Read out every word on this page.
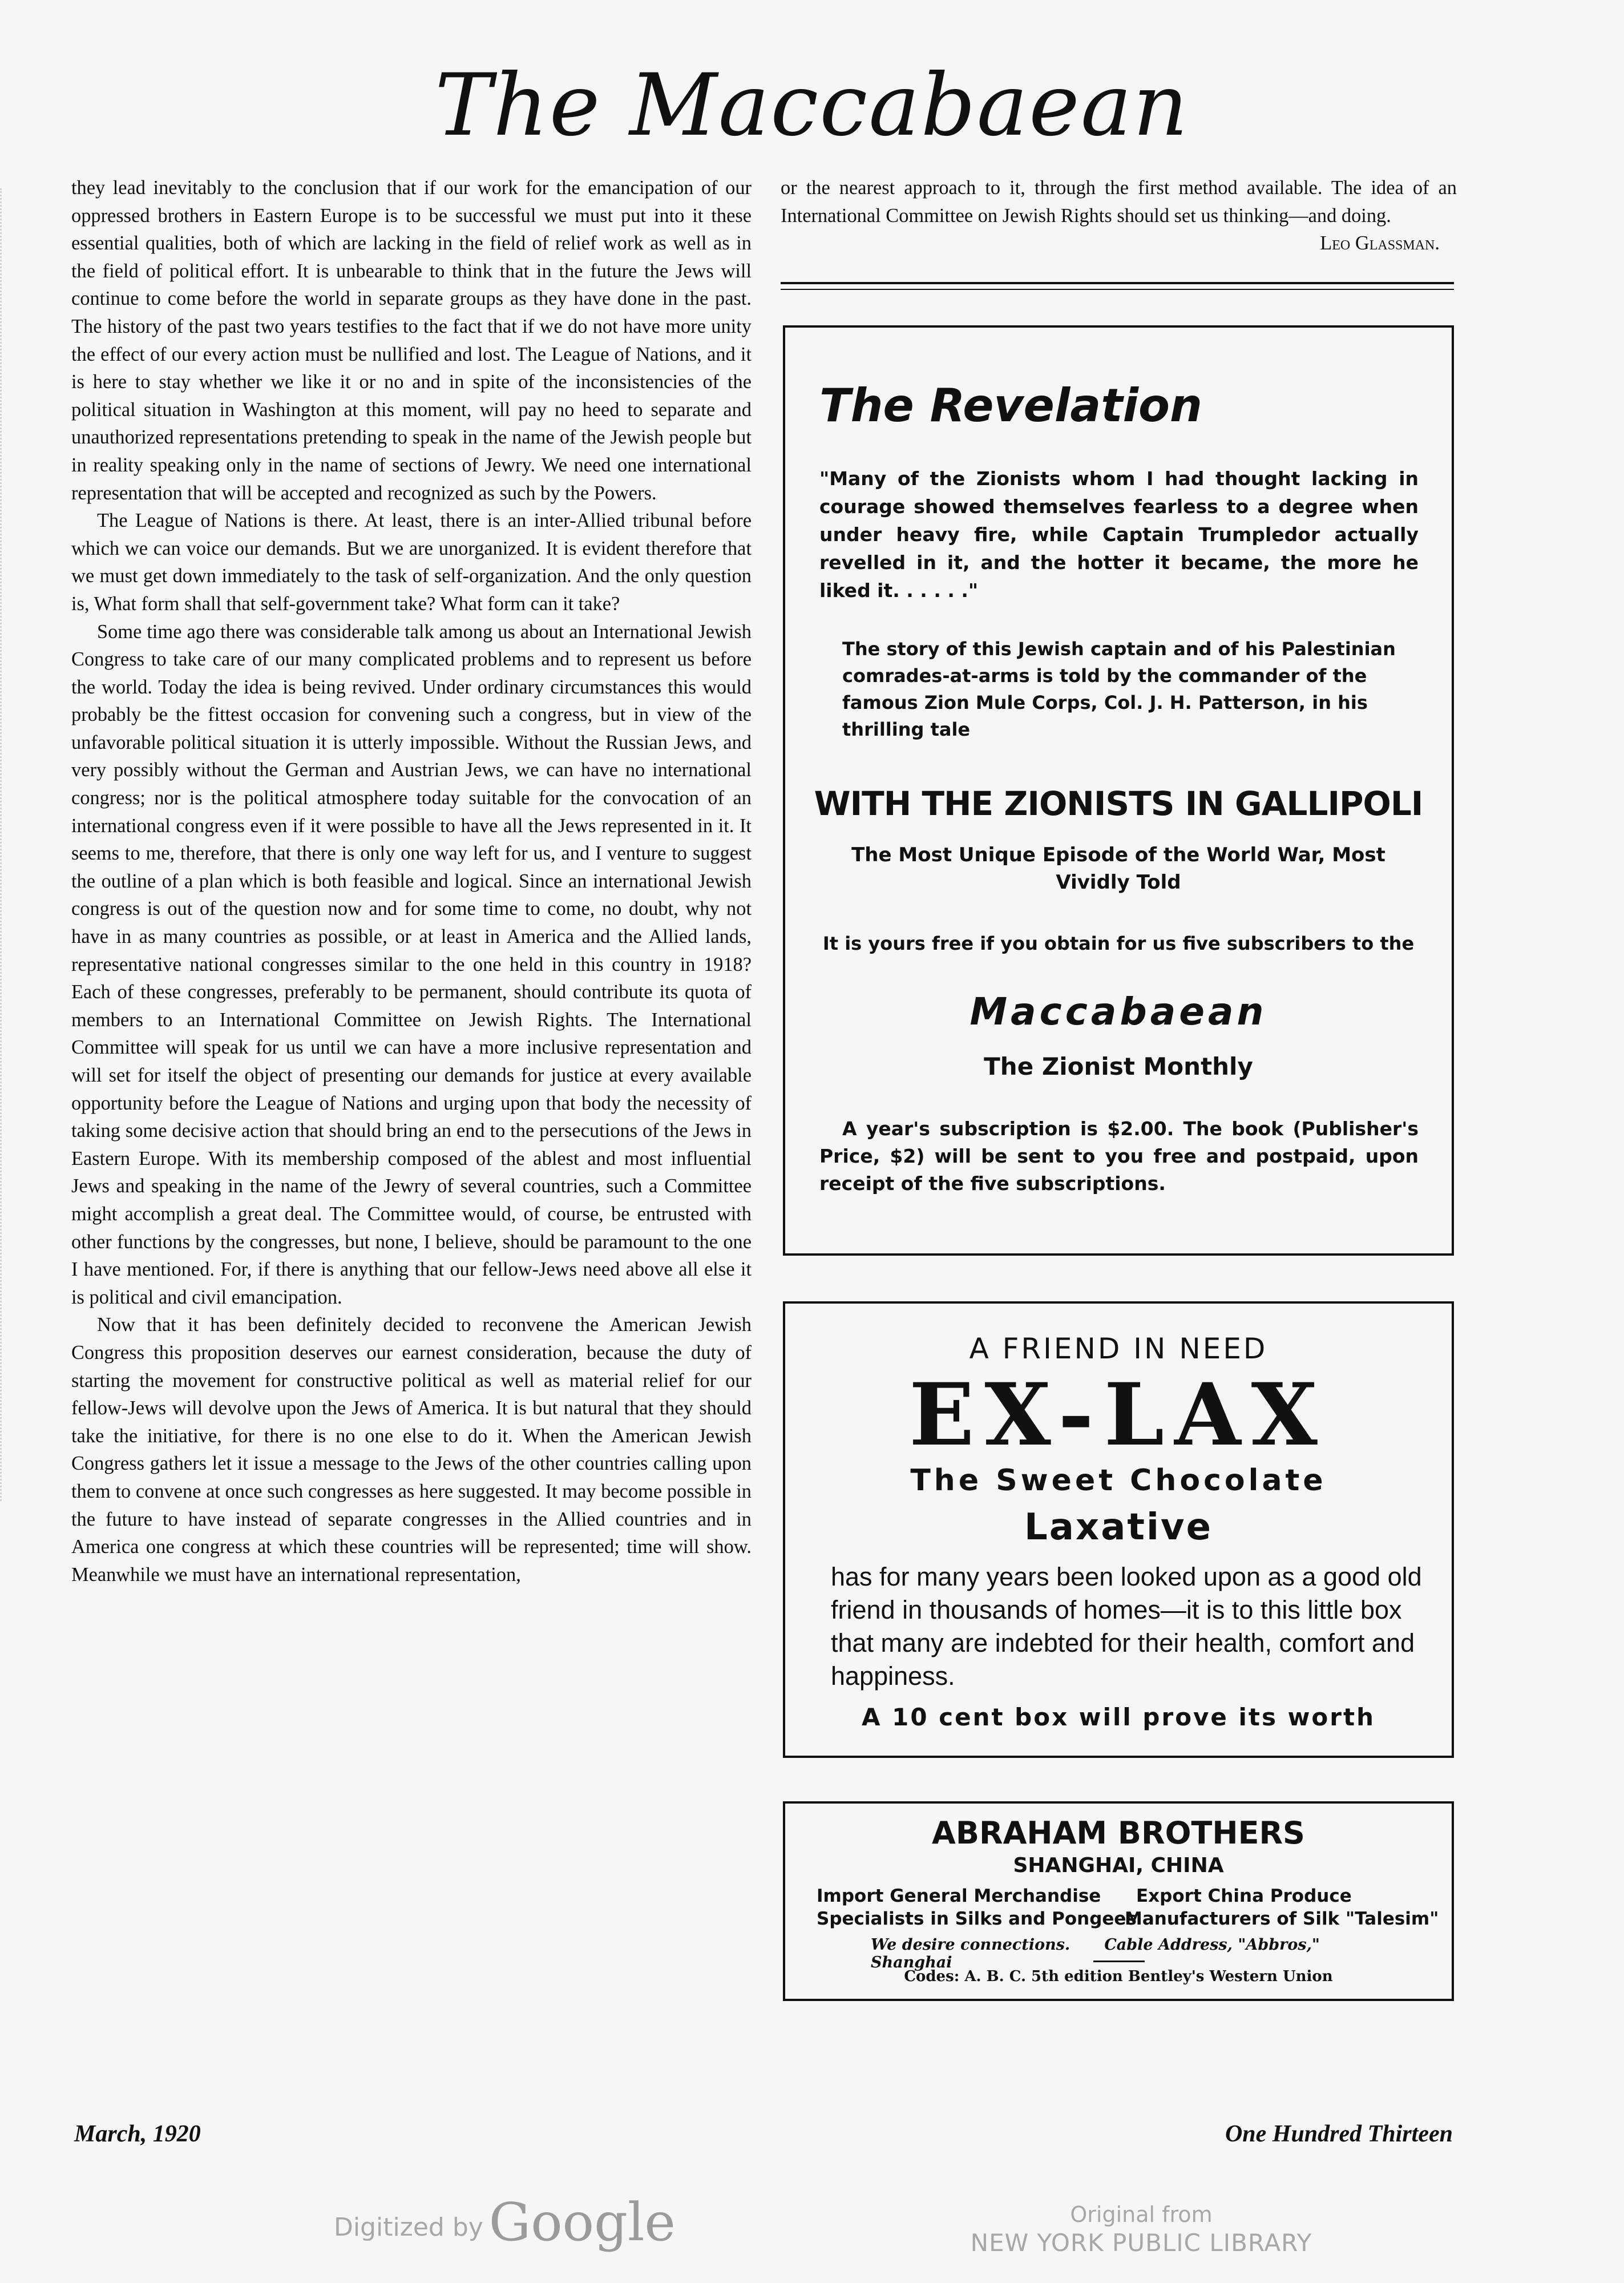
The Maccabaean

they lead inevitably to the conclusion that if our work for the emancipation of our oppressed brothers in Eastern Europe is to be successful we must put into it these essential qualities, both of which are lacking in the field of relief work as well as in the field of political effort. It is unbearable to think that in the future the Jews will continue to come before the world in separate groups as they have done in the past. The history of the past two years testifies to the fact that if we do not have more unity the effect of our every action must be nullified and lost. The League of Nations, and it is here to stay whether we like it or no and in spite of the inconsistencies of the political situation in Washington at this moment, will pay no heed to separate and unauthorized representations pretending to speak in the name of the Jewish people but in reality speaking only in the name of sections of Jewry. We need one international representation that will be accepted and recognized as such by the Powers.

The League of Nations is there. At least, there is an inter-Allied tribunal before which we can voice our demands. But we are unorganized. It is evident therefore that we must get down immediately to the task of self-organization. And the only question is, What form shall that self-government take? What form can it take?

Some time ago there was considerable talk among us about an International Jewish Congress to take care of our many complicated problems and to represent us before the world. Today the idea is being revived. Under ordinary circumstances this would probably be the fittest occasion for convening such a congress, but in view of the unfavorable political situation it is utterly impossible. Without the Russian Jews, and very possibly without the German and Austrian Jews, we can have no international congress; nor is the political atmosphere today suitable for the convocation of an international congress even if it were possible to have all the Jews represented in it. It seems to me, therefore, that there is only one way left for us, and I venture to suggest the outline of a plan which is both feasible and logical. Since an international Jewish congress is out of the question now and for some time to come, no doubt, why not have in as many countries as possible, or at least in America and the Allied lands, representative national congresses similar to the one held in this country in 1918? Each of these congresses, preferably to be permanent, should contribute its quota of members to an International Committee on Jewish Rights. The International Committee will speak for us until we can have a more inclusive representation and will set for itself the object of presenting our demands for justice at every available opportunity before the League of Nations and urging upon that body the necessity of taking some decisive action that should bring an end to the persecutions of the Jews in Eastern Europe. With its membership composed of the ablest and most influential Jews and speaking in the name of the Jewry of several countries, such a Committee might accomplish a great deal. The Committee would, of course, be entrusted with other functions by the congresses, but none, I believe, should be paramount to the one I have mentioned. For, if there is anything that our fellow-Jews need above all else it is political and civil emancipation.

Now that it has been definitely decided to reconvene the American Jewish Congress this proposition deserves our earnest consideration, because the duty of starting the movement for constructive political as well as material relief for our fellow-Jews will devolve upon the Jews of America. It is but natural that they should take the initiative, for there is no one else to do it. When the American Jewish Congress gathers let it issue a message to the Jews of the other countries calling upon them to convene at once such congresses as here suggested. It may become possible in the future to have instead of separate congresses in the Allied countries and in America one congress at which these countries will be represented; time will show. Meanwhile we must have an international representation,

or the nearest approach to it, through the first method available. The idea of an International Committee on Jewish Rights should set us thinking—and doing.
Leo Glassman.
The Revelation
"Many of the Zionists whom I had thought lacking in courage showed themselves fearless to a degree when under heavy fire, while Captain Trumpledor actually revelled in it, and the hotter it became, the more he liked it. . . . . ."
The story of this Jewish captain and of his Palestinian comrades-at-arms is told by the commander of the famous Zion Mule Corps, Col. J. H. Patterson, in his thrilling tale
WITH THE ZIONISTS IN GALLIPOLI
The Most Unique Episode of the World War, Most Vividly Told
It is yours free if you obtain for us five subscribers to the
Maccabaean
The Zionist Monthly
A year's subscription is $2.00. The book (Publisher's Price, $2) will be sent to you free and postpaid, upon receipt of the five subscriptions.
A FRIEND IN NEED
EX-LAX
The Sweet Chocolate
Laxative
has for many years been looked upon as a good old friend in thousands of homes—it is to this little box that many are indebted for their health, comfort and happiness.
A 10 cent box will prove its worth
ABRAHAM BROTHERS
SHANGHAI, CHINA
Import General Merchandise Export China Produce
Specialists in Silks and PongeesManufacturers of Silk "Talesim"
We desire connections. Cable Address, "Abbros," Shanghai
Codes: A. B. C. 5th edition Bentley's Western Union
March, 1920	One Hundred Thirteen
Digitized by Google	Original from
NEW YORK PUBLIC LIBRARY
